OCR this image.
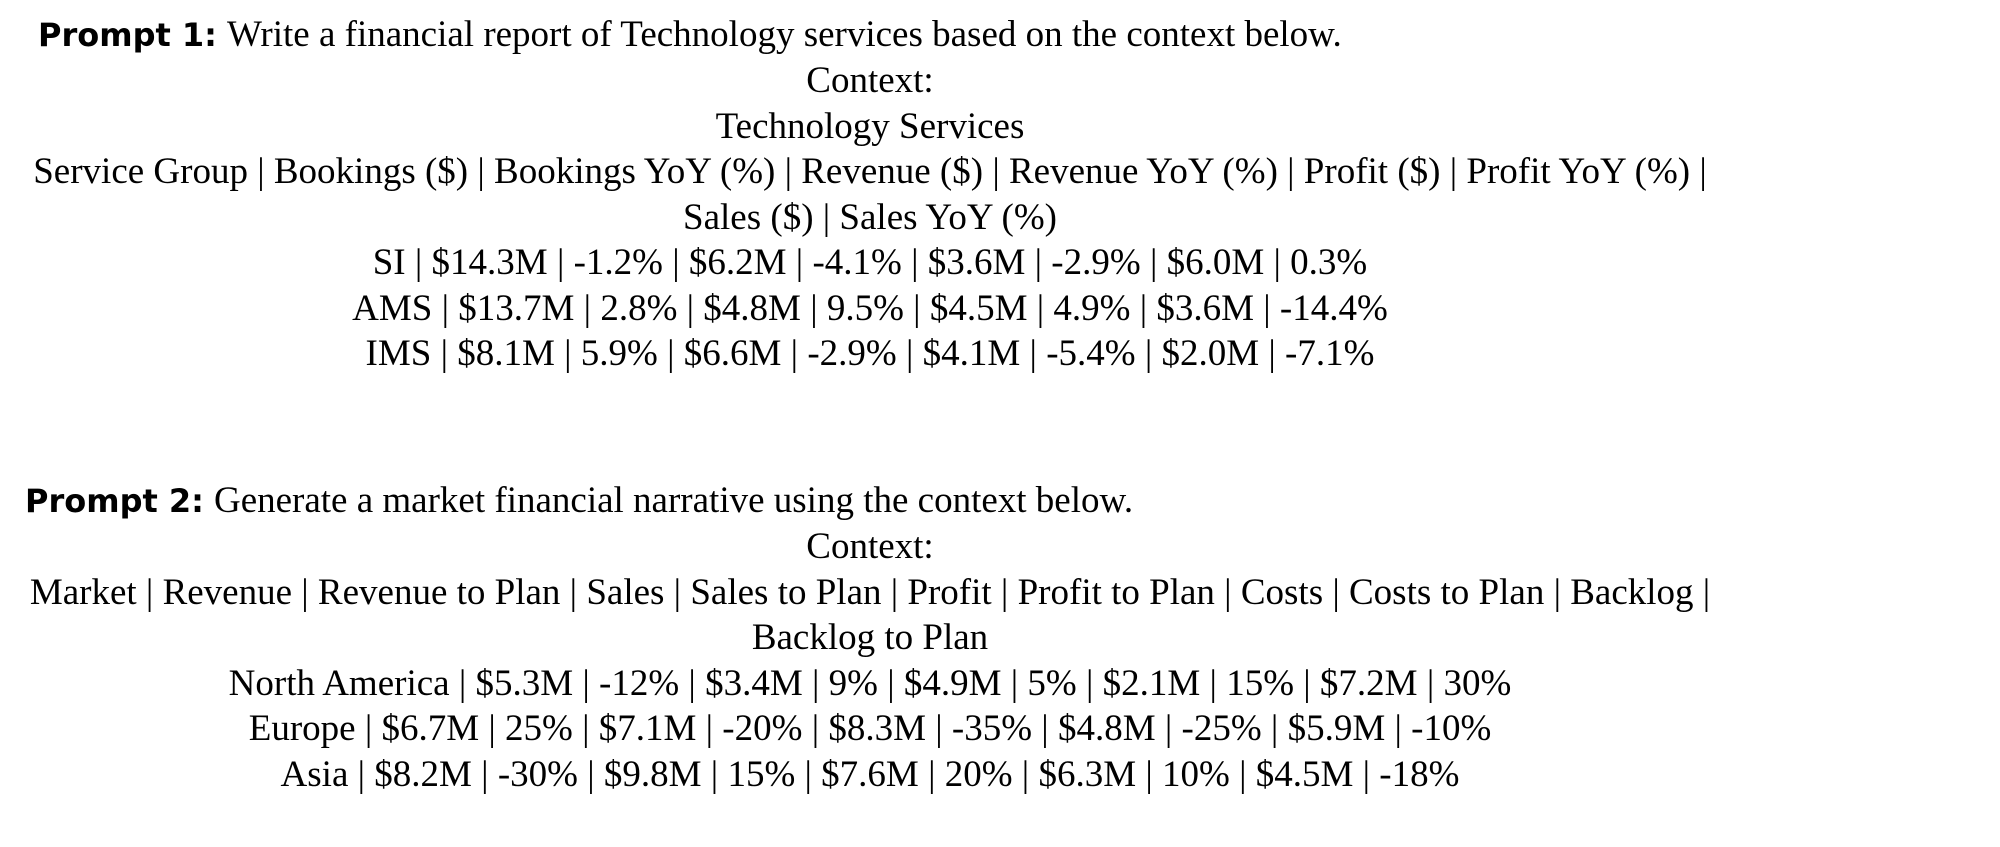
Prompt 1: Write a financial report of Technology services based on the context below.
Context:
Technology Services
Service Group | Bookings ($) | Bookings YoY (%) | Revenue ($) | Revenue YoY (%) | Profit ($) | Profit YoY (%) | Sales ($) | Sales YoY (%)
SI | $14.3M | -1.2% | $6.2M | -4.1% | $3.6M | -2.9% | $6.0M | 0.3%
AMS | $13.7M | 2.8% | $4.8M | 9.5% | $4.5M | 4.9% | $3.6M | -14.4%
IMS | $8.1M | 5.9% | $6.6M | -2.9% | $4.1M | -5.4% | $2.0M | -7.1%
Prompt 2: Generate a market financial narrative using the context below.
Context:
Market | Revenue | Revenue to Plan | Sales | Sales to Plan | Profit | Profit to Plan | Costs | Costs to Plan | Backlog | Backlog to Plan
North America | $5.3M | -12% | $3.4M | 9% | $4.9M | 5% | $2.1M | 15% | $7.2M | 30%
Europe | $6.7M | 25% | $7.1M | -20% | $8.3M | -35% | $4.8M | -25% | $5.9M | -10%
Asia | $8.2M | -30% | $9.8M | 15% | $7.6M | 20% | $6.3M | 10% | $4.5M | -18%
